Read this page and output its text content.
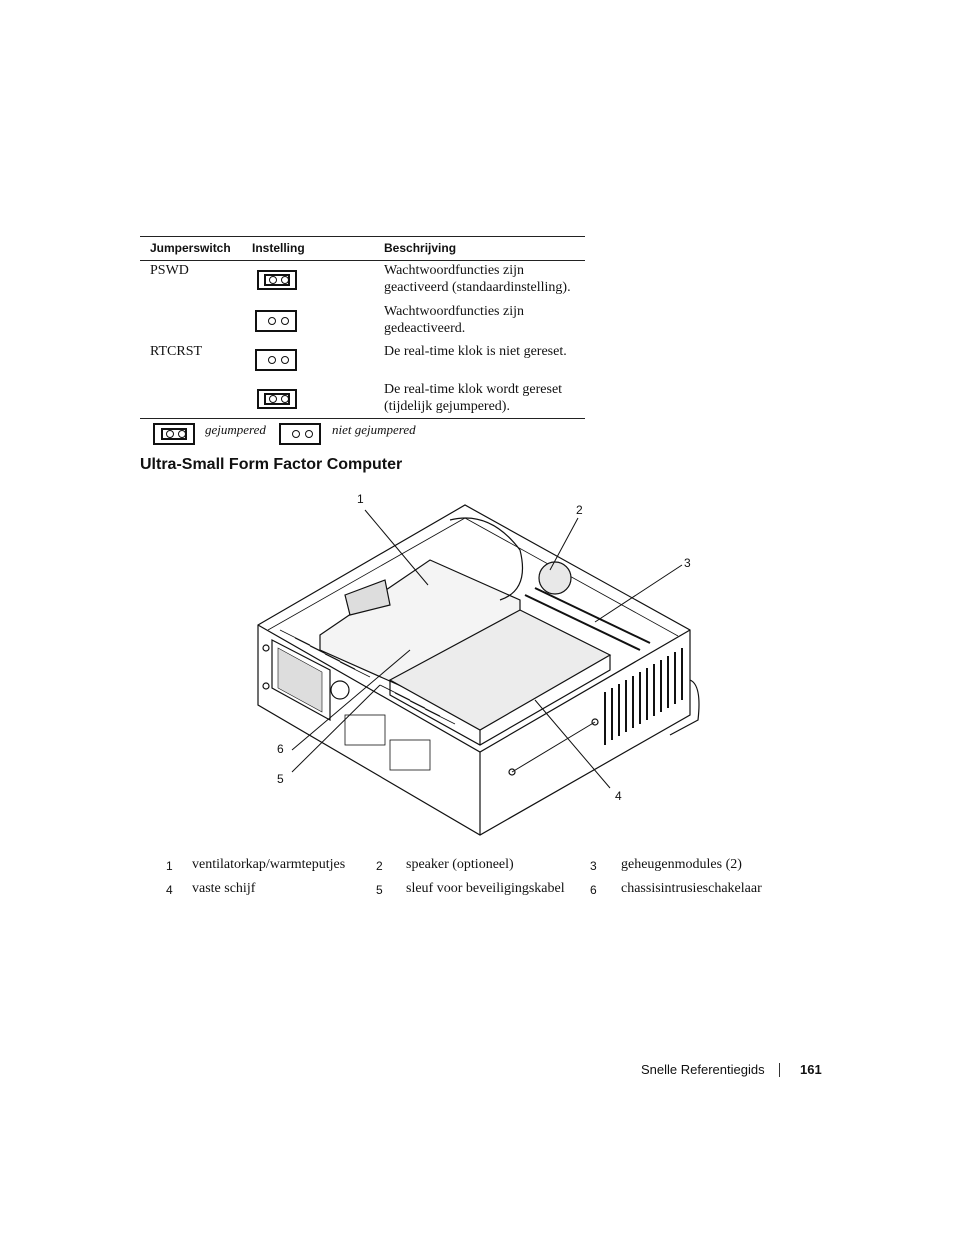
Jumperswitch Instelling	Beschrijving
PSWD	Wachtwoordfuncties zijn geactiveerd (standaardinstelling).
Wachtwoordfuncties zijn gedeactiveerd.
RTCRST	De real-time klok is niet gereset.
De real-time klok wordt gereset (tijdelijk gejumpered).
gejumpered	niet gejumpered
Ultra-Small Form Factor Computer
1
2
3
4
5
6
1 ventilatorkap/warmteputjes	2 speaker (optioneel)	3 geheugenmodules (2)
4 vaste schijf	5 sleuf voor beveiligingskabel 6 chassisintrusieschakelaar
Snelle Referentiegids	161
